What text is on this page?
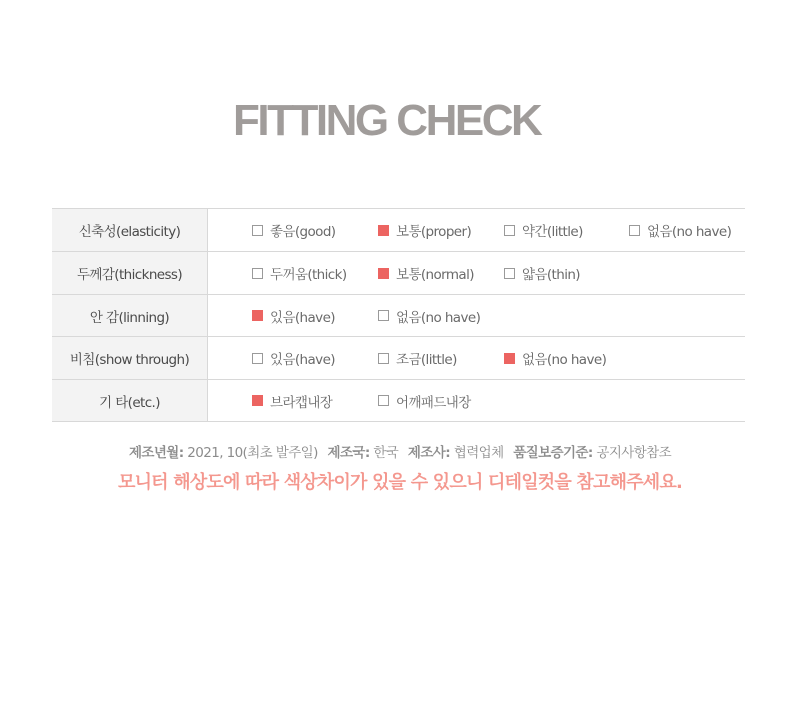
FITTING CHECK
신축성(elasticity)	좋음(good)	보통(proper)	약간(little)	없음(no have)
두께감(thickness)	두꺼움(thick)	보통(normal)	얇음(thin)
안 감(linning)	있음(have)	없음(no have)
비침(show through)	있음(have)	조금(little)	없음(no have)
기 타(etc.)	브라캡내장	어깨패드내장
제조년월: 2021, 10(최초 발주일) 제조국: 한국 제조사: 협력업체 품질보증기준: 공지사항참조
모니터 해상도에 따라 색상차이가 있을 수 있으니 디테일컷을 참고해주세요.
